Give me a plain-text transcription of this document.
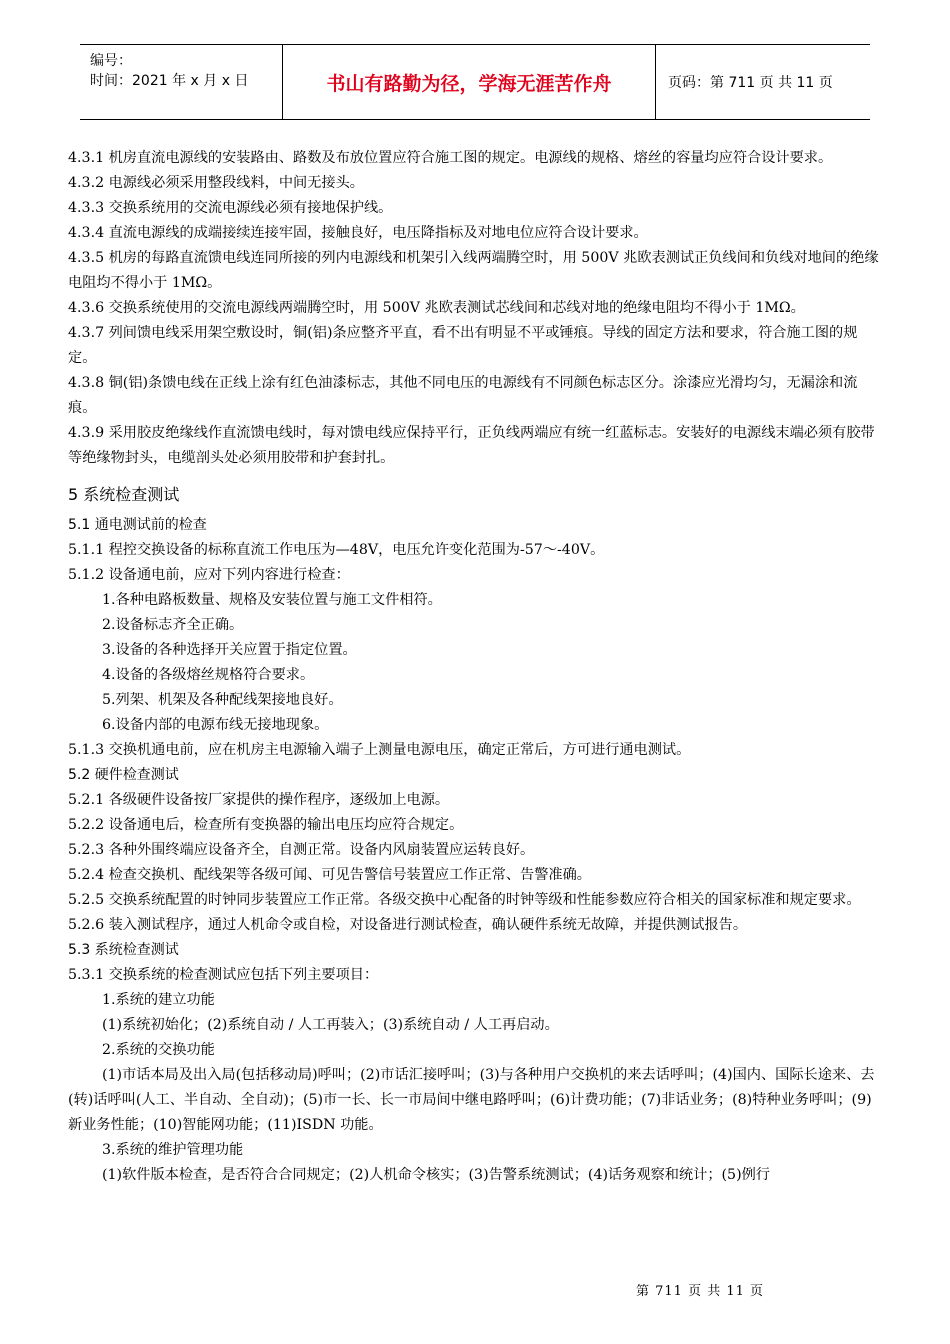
编号：
时间：2021 年 x 月 x 日	书山有路勤为径，学海无涯苦作舟	页码：第 711 页 共 11 页

4.3.1 机房直流电源线的安装路由、路数及布放位置应符合施工图的规定。电源线的规格、熔丝的容量均应符合设计要求。

4.3.2 电源线必须采用整段线料，中间无接头。

4.3.3 交换系统用的交流电源线必须有接地保护线。

4.3.4 直流电源线的成端接续连接牢固，接触良好，电压降指标及对地电位应符合设计要求。

4.3.5 机房的每路直流馈电线连同所接的列内电源线和机架引入线两端腾空时，用 500V 兆欧表测试正负线间和负线对地间的绝缘电阻均不得小于 1MΩ。

4.3.6 交换系统使用的交流电源线两端腾空时，用 500V 兆欧表测试芯线间和芯线对地的绝缘电阻均不得小于 1MΩ。

4.3.7 列间馈电线采用架空敷设时，铜(铝)条应整齐平直，看不出有明显不平或锤痕。导线的固定方法和要求，符合施工图的规定。

4.3.8 铜(铝)条馈电线在正线上涂有红色油漆标志，其他不同电压的电源线有不同颜色标志区分。涂漆应光滑均匀，无漏涂和流痕。

4.3.9 采用胶皮绝缘线作直流馈电线时，每对馈电线应保持平行，正负线两端应有统一红蓝标志。安装好的电源线末端必须有胶带等绝缘物封头，电缆剖头处必须用胶带和护套封扎。

5 系统检查测试

5.1 通电测试前的检查

5.1.1 程控交换设备的标称直流工作电压为—48V，电压允许变化范围为-57～-40V。

5.1.2 设备通电前，应对下列内容进行检查：

1.各种电路板数量、规格及安装位置与施工文件相符。

2.设备标志齐全正确。

3.设备的各种选择开关应置于指定位置。

4.设备的各级熔丝规格符合要求。

5.列架、机架及各种配线架接地良好。

6.设备内部的电源布线无接地现象。

5.1.3 交换机通电前，应在机房主电源输入端子上测量电源电压，确定正常后，方可进行通电测试。

5.2 硬件检查测试

5.2.1 各级硬件设备按厂家提供的操作程序，逐级加上电源。

5.2.2 设备通电后，检查所有变换器的输出电压均应符合规定。

5.2.3 各种外围终端应设备齐全，自测正常。设备内风扇装置应运转良好。

5.2.4 检查交换机、配线架等各级可闻、可见告警信号装置应工作正常、告警准确。

5.2.5 交换系统配置的时钟同步装置应工作正常。各级交换中心配备的时钟等级和性能参数应符合相关的国家标准和规定要求。

5.2.6 装入测试程序，通过人机命令或自检，对设备进行测试检查，确认硬件系统无故障，并提供测试报告。

5.3 系统检查测试

5.3.1 交换系统的检查测试应包括下列主要项目：

1.系统的建立功能

(1)系统初始化；(2)系统自动 / 人工再装入；(3)系统自动 / 人工再启动。

2.系统的交换功能

(1)市话本局及出入局(包括移动局)呼叫；(2)市话汇接呼叫；(3)与各种用户交换机的来去话呼叫；(4)国内、国际长途来、去(转)话呼叫(人工、半自动、全自动)；(5)市一长、长一市局间中继电路呼叫；(6)计费功能；(7)非话业务；(8)特种业务呼叫；(9)新业务性能；(10)智能网功能；(11)ISDN 功能。

3.系统的维护管理功能

(1)软件版本检查，是否符合合同规定；(2)人机命令核实；(3)告警系统测试；(4)话务观察和统计；(5)例行

第 711 页 共 11 页
